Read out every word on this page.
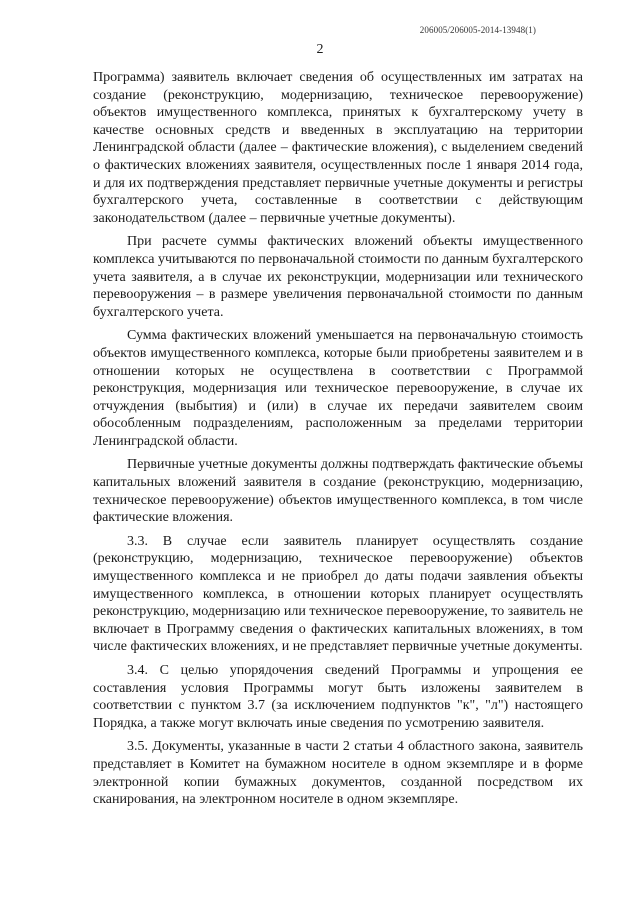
206005/206005-2014-13948(1)
2

Программа) заявитель включает сведения об осуществленных им затратах на создание (реконструкцию, модернизацию, техническое перевооружение) объектов имущественного комплекса, принятых к бухгалтерскому учету в качестве основных средств и введенных в эксплуатацию на территории Ленинградской области (далее – фактические вложения), с выделением сведений о фактических вложениях заявителя, осуществленных после 1 января 2014 года, и для их подтверждения представляет первичные учетные документы и регистры бухгалтерского учета, составленные в соответствии с действующим законодательством (далее – первичные учетные документы).

При расчете суммы фактических вложений объекты имущественного комплекса учитываются по первоначальной стоимости по данным бухгалтерского учета заявителя, а в случае их реконструкции, модернизации или технического перевооружения – в размере увеличения первоначальной стоимости по данным бухгалтерского учета.

Сумма фактических вложений уменьшается на первоначальную стоимость объектов имущественного комплекса, которые были приобретены заявителем и в отношении которых не осуществлена в соответствии с Программой реконструкция, модернизация или техническое перевооружение, в случае их отчуждения (выбытия) и (или) в случае их передачи заявителем своим обособленным подразделениям, расположенным за пределами территории Ленинградской области.

Первичные учетные документы должны подтверждать фактические объемы капитальных вложений заявителя в создание (реконструкцию, модернизацию, техническое перевооружение) объектов имущественного комплекса, в том числе фактические вложения.

3.3. В случае если заявитель планирует осуществлять создание (реконструкцию, модернизацию, техническое перевооружение) объектов имущественного комплекса и не приобрел до даты подачи заявления объекты имущественного комплекса, в отношении которых планирует осуществлять реконструкцию, модернизацию или техническое перевооружение, то заявитель не включает в Программу сведения о фактических капитальных вложениях, в том числе фактических вложениях, и не представляет первичные учетные документы.

3.4. С целью упорядочения сведений Программы и упрощения ее составления условия Программы могут быть изложены заявителем в соответствии с пунктом 3.7 (за исключением подпунктов "к", "л") настоящего Порядка, а также могут включать иные сведения по усмотрению заявителя.

3.5. Документы, указанные в части 2 статьи 4 областного закона, заявитель представляет в Комитет на бумажном носителе в одном экземпляре и в форме электронной копии бумажных документов, созданной посредством их сканирования, на электронном носителе в одном экземпляре.
